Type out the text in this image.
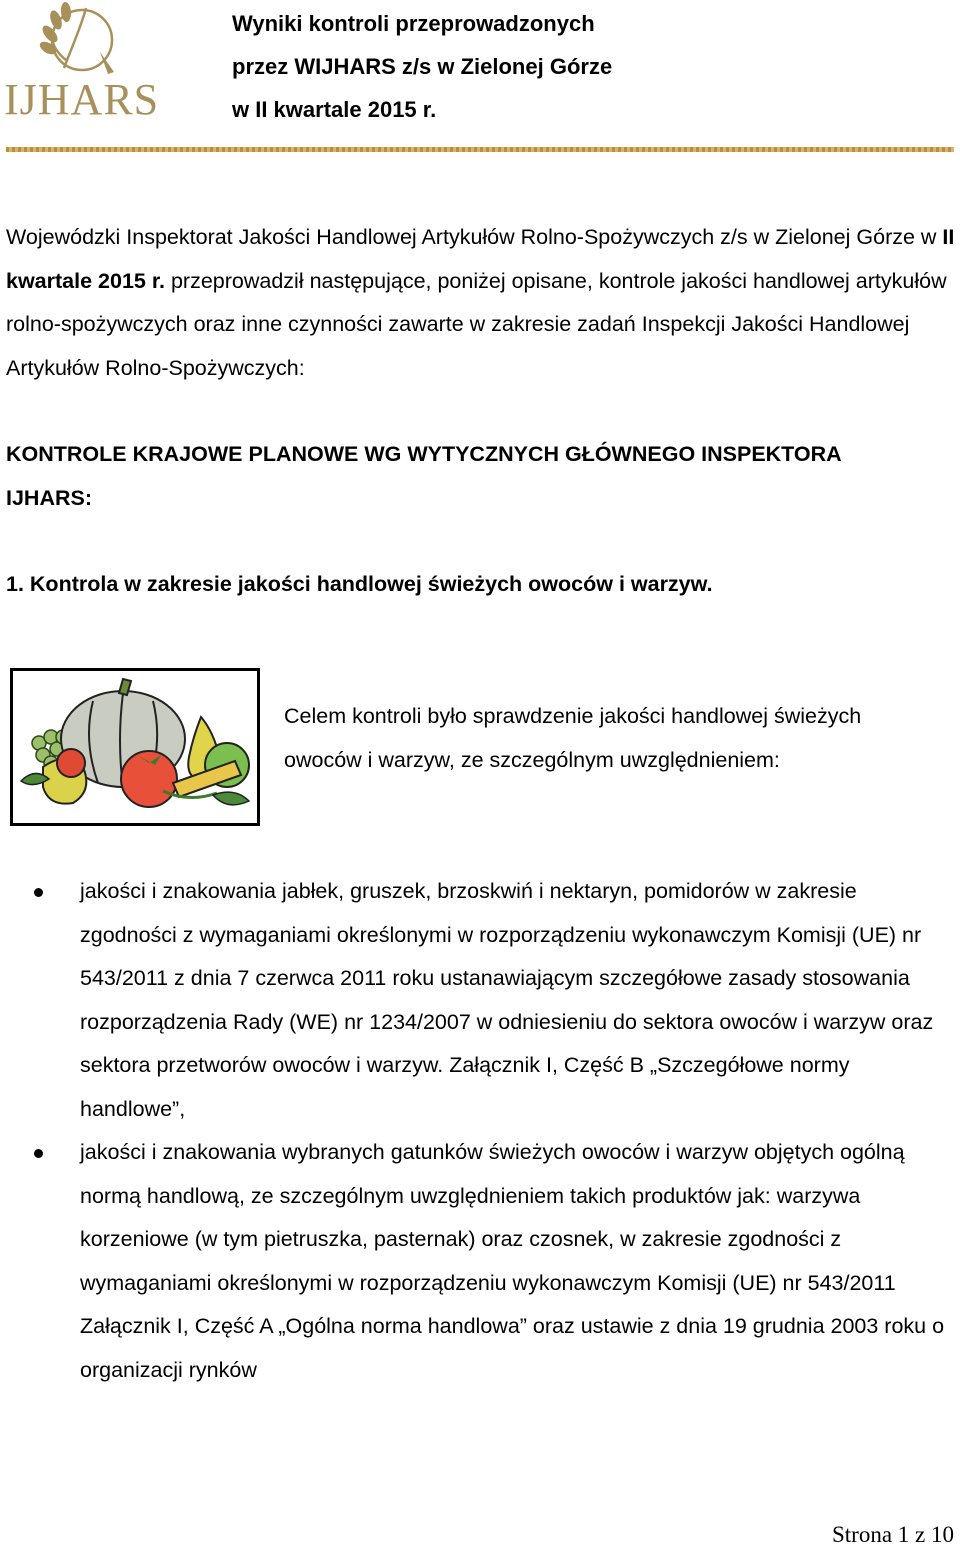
IJHARS
Wyniki kontroli przeprowadzonych
przez WIJHARS z/s w Zielonej Górze
w II kwartale 2015 r.

Wojewódzki Inspektorat Jakości Handlowej Artykułów Rolno-Spożywczych z/s w Zielonej Górze w II kwartale 2015 r. przeprowadził następujące, poniżej opisane, kontrole jakości handlowej artykułów rolno-spożywczych oraz inne czynności zawarte w zakresie zadań Inspekcji Jakości Handlowej Artykułów Rolno-Spożywczych:

KONTROLE KRAJOWE PLANOWE WG WYTYCZNYCH GŁÓWNEGO INSPEKTORA IJHARS:
1. Kontrola w zakresie jakości handlowej świeżych owoców i warzyw.
Celem kontroli było sprawdzenie jakości handlowej świeżych owoców i warzyw, ze szczególnym uwzględnieniem:

jakości i znakowania jabłek, gruszek, brzoskwiń i nektaryn, pomidorów w zakresie zgodności z wymaganiami określonymi w rozporządzeniu wykonawczym Komisji (UE) nr 543/2011 z dnia 7 czerwca 2011 roku ustanawiającym szczegółowe zasady stosowania rozporządzenia Rady (WE) nr 1234/2007 w odniesieniu do sektora owoców i warzyw oraz sektora przetworów owoców i warzyw. Załącznik I, Część B „Szczegółowe normy handlowe”,

jakości i znakowania wybranych gatunków świeżych owoców i warzyw objętych ogólną normą handlową, ze szczególnym uwzględnieniem takich produktów jak: warzywa korzeniowe (w tym pietruszka, pasternak) oraz czosnek, w zakresie zgodności z wymaganiami określonymi w rozporządzeniu wykonawczym Komisji (UE) nr 543/2011 Załącznik I, Część A „Ogólna norma handlowa” oraz ustawie z dnia 19 grudnia 2003 roku o organizacji rynków

Strona 1 z 10
